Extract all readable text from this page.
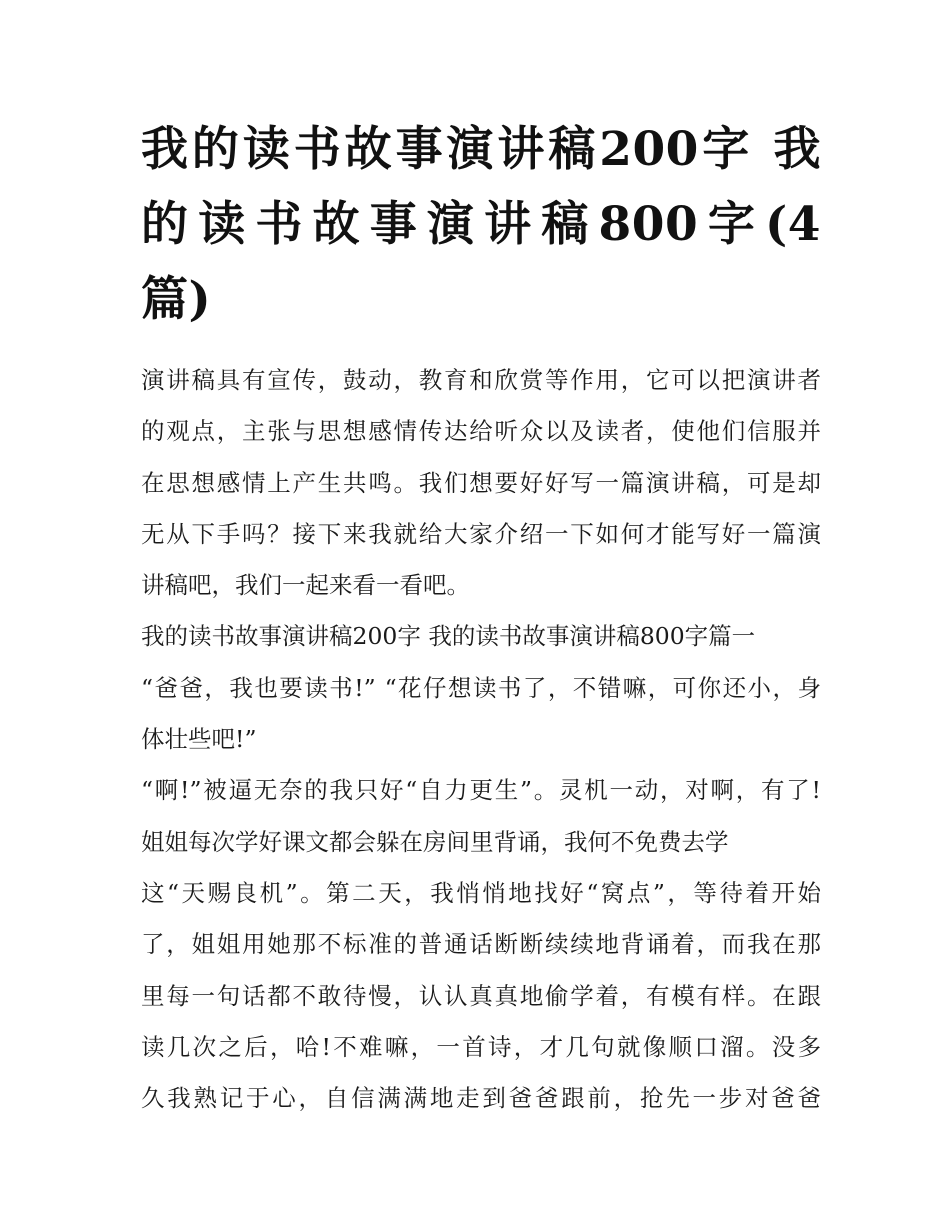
我的读书故事演讲稿200字 我
的读书故事演讲稿800字(4
篇)

演讲稿具有宣传，鼓动，教育和欣赏等作用，它可以把演讲者
的观点，主张与思想感情传达给听众以及读者，使他们信服并
在思想感情上产生共鸣。我们想要好好写一篇演讲稿，可是却
无从下手吗？接下来我就给大家介绍一下如何才能写好一篇演
讲稿吧，我们一起来看一看吧。

我的读书故事演讲稿200字 我的读书故事演讲稿800字篇一

“爸爸，我也要读书!” “花仔想读书了，不错嘛，可你还小，身
体壮些吧!”

“啊!”被逼无奈的我只好“自力更生”。灵机一动，对啊，有了!
姐姐每次学好课文都会躲在房间里背诵，我何不免费去学
这“天赐良机”。第二天，我悄悄地找好“窝点”，等待着开始
了，姐姐用她那不标准的普通话断断续续地背诵着，而我在那
里每一句话都不敢待慢，认认真真地偷学着，有模有样。在跟
读几次之后，哈!不难嘛，一首诗，才几句就像顺口溜。没多
久我熟记于心，自信满满地走到爸爸跟前，抢先一步对爸爸
